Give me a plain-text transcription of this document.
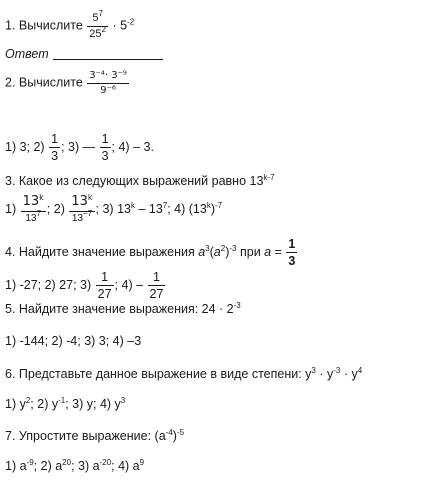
1. Вычислите $\frac{5^7}{25^2} \cdot 5^{-2}$
Ответ
2. Вычислите $\frac{\text{3⁻⁴· 3⁻⁹}}{\text{9⁻⁶}}$
1) 3; $2) \frac{1}{3}$ ; 3) — $\frac{1}{3}$ ; 4) – 3.
3. Какое из следующих выражений равно 13$^{k-7}$
$1) \frac{13^k}{13^7}$ ; $2) \frac{13^k}{13^{-7}}$ ; 3) $13^k - 13^7$; 4) $(13^k)^{-7}$
4. Найдите значение выражения $a^3(a^2)^{-3}$ при $a = \frac{1}{3}$
1) -27; 2) 27; $3) \frac{1}{27}$ ; $4) - \frac{1}{27}$
5. Найдите значение выражения: $24 \cdot 2^{-3}$
1) -144; 2) -4; 3) 3; 4) –3
6. Представьте данное выражение в виде степени: $y^3 \cdot y^{-3} \cdot y^4$
1) $y^2$; 2) $y^{-1}$; 3) y; 4) $y^3$
7. Упростите выражение: $(a^{-4})^{-5}$
1) $a^{-9}$; 2) $a^{20}$; 3) $a^{-20}$; 4) $a^9$
